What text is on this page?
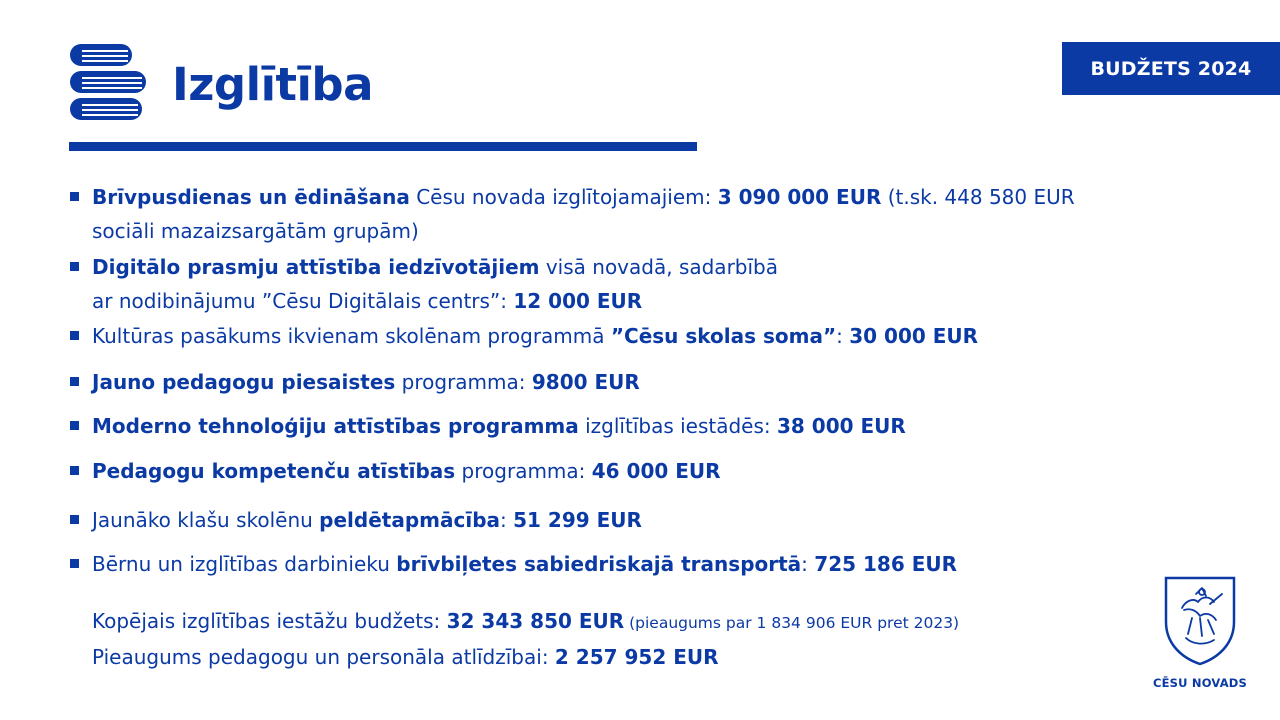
Izglītība	BUDŽETS 2024
Brīvpusdienas un ēdināšana Cēsu novada izglītojamajiem: 3 090 000 EUR (t.sk. 448 580 EUR
sociāli mazaizsargātām grupām)
Digitālo prasmju attīstība iedzīvotājiem visā novadā, sadarbībā
ar nodibinājumu ”Cēsu Digitālais centrs”: 12 000 EUR
Kultūras pasākums ikvienam skolēnam programmā ”Cēsu skolas soma”: 30 000 EUR
Jauno pedagogu piesaistes programma: 9800 EUR
Moderno tehnoloģiju attīstības programma izglītības iestādēs: 38 000 EUR
Pedagogu kompetenču atīstības programma: 46 000 EUR
Jaunāko klašu skolēnu peldētapmācība: 51 299 EUR
Bērnu un izglītības darbinieku brīvbiļetes sabiedriskajā transportā: 725 186 EUR
Kopējais izglītības iestāžu budžets: 32 343 850 EUR (pieaugums par 1 834 906 EUR pret 2023)
Pieaugums pedagogu un personāla atlīdzībai: 2 257 952 EUR
CĒSU NOVADS
